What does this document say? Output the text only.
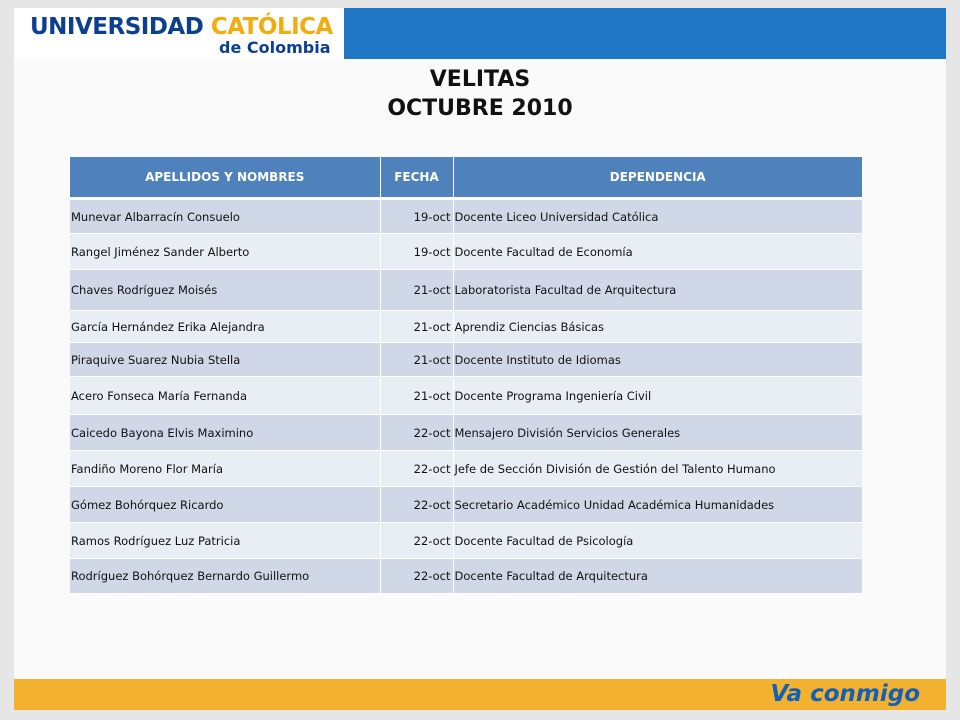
UNIVERSIDAD CATÓLICA
de Colombia
VELITAS
OCTUBRE 2010
APELLIDOS Y NOMBRES	FECHA	DEPENDENCIA
Munevar Albarracín Consuelo	19-oct	Docente Liceo Universidad Católica
Rangel Jiménez Sander Alberto	19-oct	Docente Facultad de Economía
Chaves Rodríguez Moisés	21-oct	Laboratorista Facultad de Arquitectura
García Hernández Erika Alejandra	21-oct	Aprendiz Ciencias Básicas
Piraquive Suarez Nubia Stella	21-oct	Docente Instituto de Idiomas
Acero Fonseca María Fernanda	21-oct	Docente Programa Ingeniería Civil
Caicedo Bayona Elvis Maximino	22-oct	Mensajero División Servicios Generales
Fandiño Moreno Flor María	22-oct	Jefe de Sección División de Gestión del Talento Humano
Gómez Bohórquez Ricardo	22-oct	Secretario Académico Unidad Académica Humanidades
Ramos Rodríguez Luz Patricia	22-oct	Docente Facultad de Psicología
Rodríguez Bohórquez Bernardo Guillermo	22-oct	Docente Facultad de Arquitectura
Va conmigo
